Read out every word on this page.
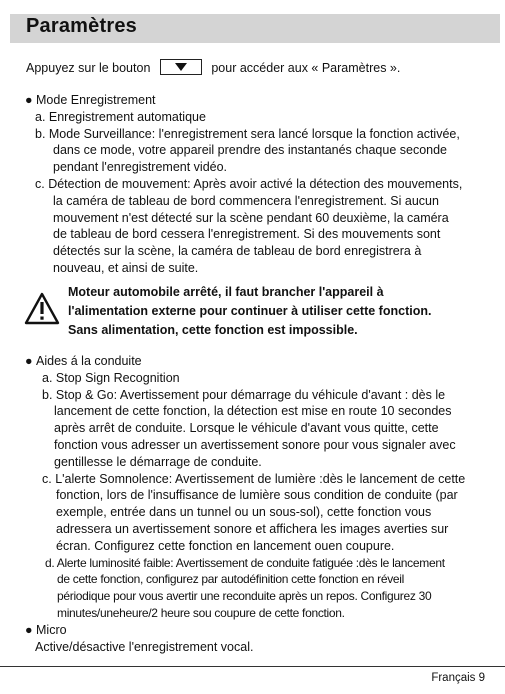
Paramètres
Appuyez sur le bouton	pour accéder aux « Paramètres ».
● Mode Enregistrement
a. Enregistrement automatique
b. Mode Surveillance: l'enregistrement sera lancé lorsque la fonction activée,
dans ce mode, votre appareil prendre des instantanés chaque seconde
pendant l'enregistrement vidéo.
c. Détection de mouvement: Après avoir activé la détection des mouvements,
la caméra de tableau de bord commencera l'enregistrement. Si aucun
mouvement n'est détecté sur la scène pendant 60 deuxième, la caméra
de tableau de bord cessera l'enregistrement. Si des mouvements sont
détectés sur la scène, la caméra de tableau de bord enregistrera à
nouveau, et ainsi de suite.
Moteur automobile arrêté, il faut brancher l'appareil à
l'alimentation externe pour continuer à utiliser cette fonction.
Sans alimentation, cette fonction est impossible.
● Aides á la conduite
a. Stop Sign Recognition
b. Stop & Go: Avertissement pour démarrage du véhicule d'avant : dès le
lancement de cette fonction, la détection est mise en route 10 secondes
après arrêt de conduite. Lorsque le véhicule d'avant vous quitte, cette
fonction vous adresser un avertissement sonore pour vous signaler avec
gentillesse le démarrage de conduite.
c. L'alerte Somnolence: Avertissement de lumière :dès le lancement de cette
fonction, lors de l'insuffisance de lumière sous condition de conduite (par
exemple, entrée dans un tunnel ou un sous-sol), cette fonction vous
adressera un avertissement sonore et affichera les images averties sur
écran. Configurez cette fonction en lancement ouen coupure.
d. Alerte luminosité faible: Avertissement de conduite fatiguée :dès le lancement
de cette fonction, configurez par autodéfinition cette fonction en réveil
périodique pour vous avertir une reconduite après un repos. Configurez 30
minutes/uneheure/2 heure sou coupure de cette fonction.
● Micro
Active/désactive l'enregistrement vocal.
Français 9
